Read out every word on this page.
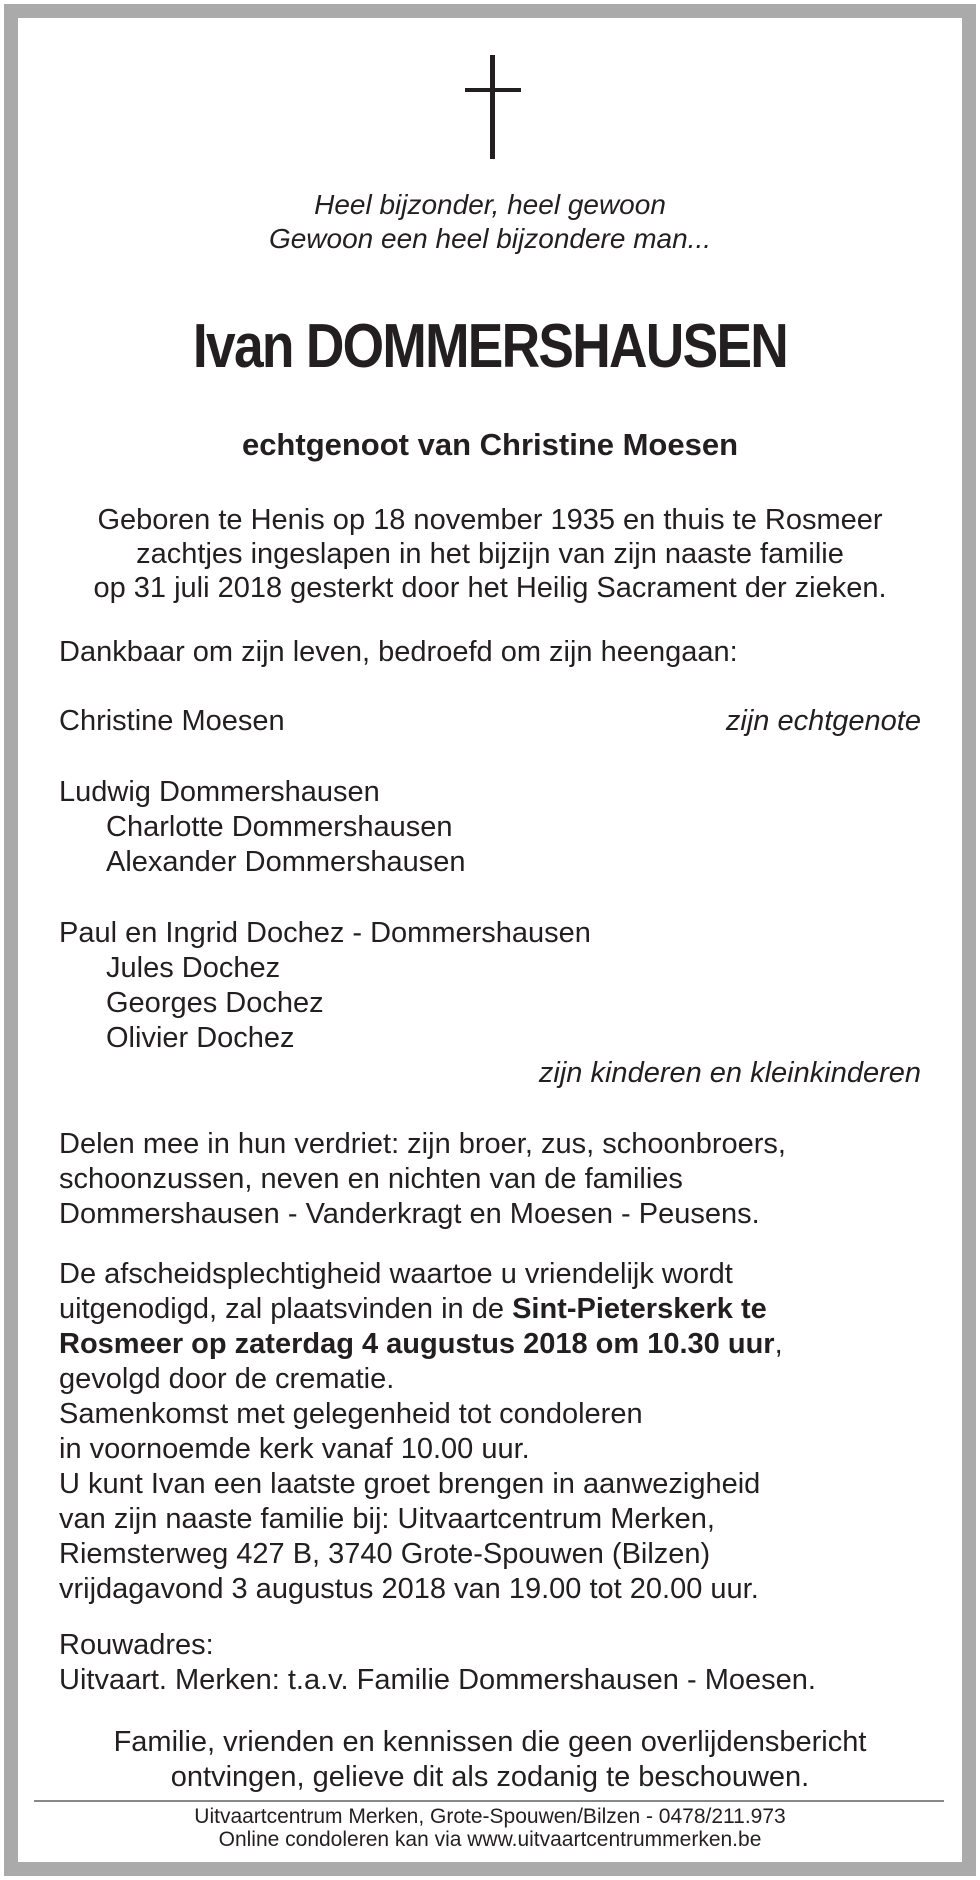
Heel bijzonder, heel gewoon
Gewoon een heel bijzondere man...
Ivan DOMMERSHAUSEN
echtgenoot van Christine Moesen
Geboren te Henis op 18 november 1935 en thuis te Rosmeer
zachtjes ingeslapen in het bijzijn van zijn naaste familie
op 31 juli 2018 gesterkt door het Heilig Sacrament der zieken.
Dankbaar om zijn leven, bedroefd om zijn heengaan:
Christine Moesen	zijn echtgenote
Ludwig Dommershausen
Charlotte Dommershausen
Alexander Dommershausen
Paul en Ingrid Dochez - Dommershausen
Jules Dochez
Georges Dochez
Olivier Dochez
zijn kinderen en kleinkinderen
Delen mee in hun verdriet: zijn broer, zus, schoonbroers,
schoonzussen, neven en nichten van de families
Dommershausen - Vanderkragt en Moesen - Peusens.
De afscheidsplechtigheid waartoe u vriendelijk wordt
uitgenodigd, zal plaatsvinden in de Sint-Pieterskerk te
Rosmeer op zaterdag 4 augustus 2018 om 10.30 uur,
gevolgd door de crematie.
Samenkomst met gelegenheid tot condoleren
in voornoemde kerk vanaf 10.00 uur.
U kunt Ivan een laatste groet brengen in aanwezigheid
van zijn naaste familie bij: Uitvaartcentrum Merken,
Riemsterweg 427 B, 3740 Grote-Spouwen (Bilzen)
vrijdagavond 3 augustus 2018 van 19.00 tot 20.00 uur.
Rouwadres:
Uitvaart. Merken: t.a.v. Familie Dommershausen - Moesen.
Familie, vrienden en kennissen die geen overlijdensbericht
ontvingen, gelieve dit als zodanig te beschouwen.
Uitvaartcentrum Merken, Grote-Spouwen/Bilzen - 0478/211.973
Online condoleren kan via www.uitvaartcentrummerken.be
